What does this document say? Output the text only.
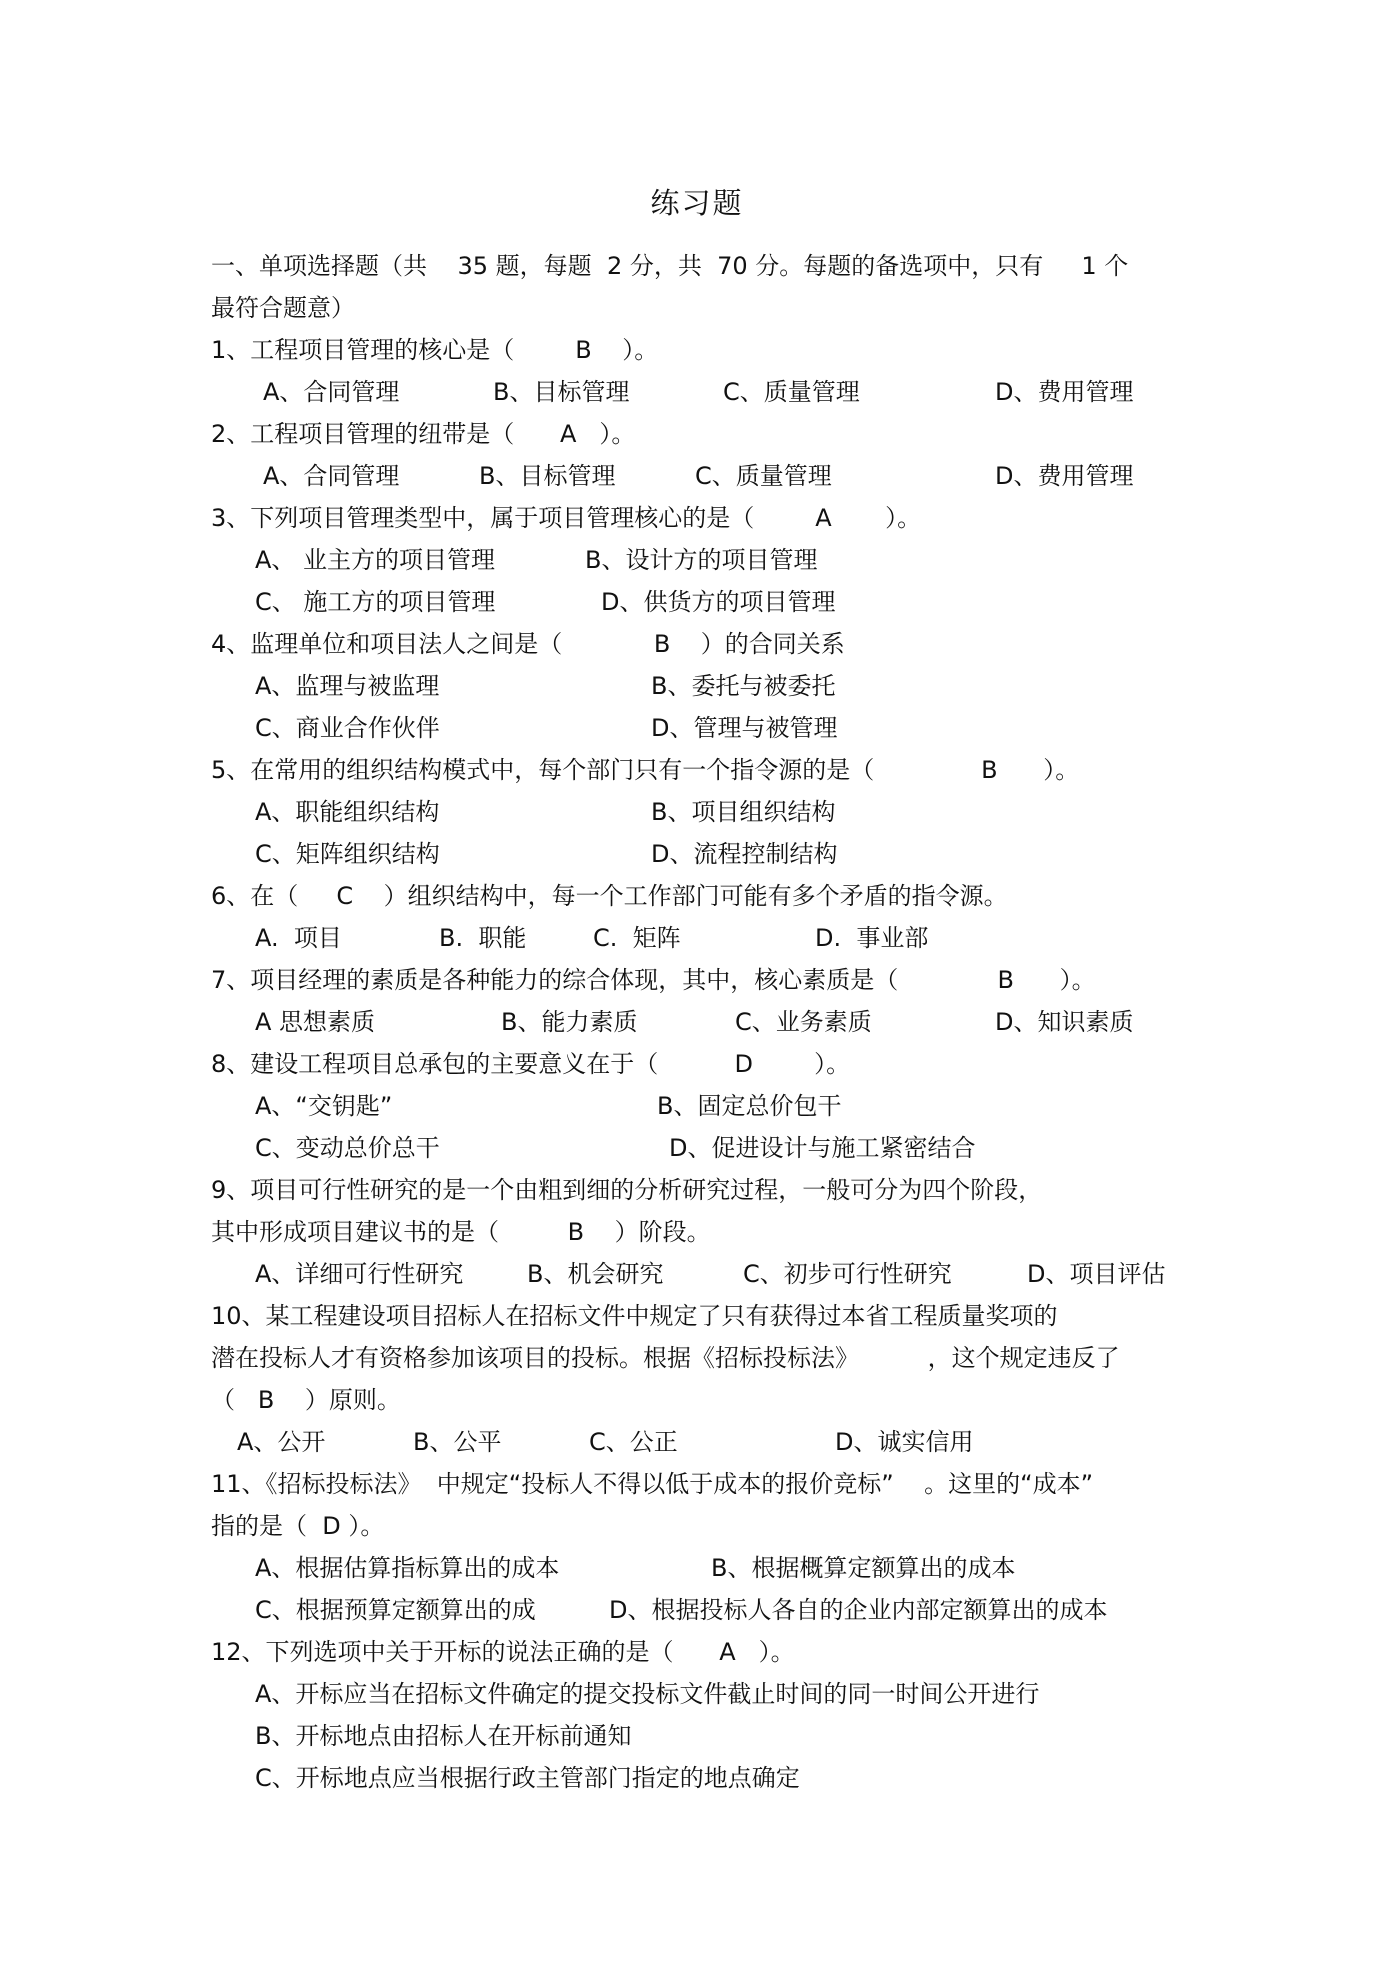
练习题
一、单项选择题（共    35 题，每题  2 分，共  70 分。每题的备选项中，只有     1 个
最符合题意）
1、工程项目管理的核心是（        B    ）。
A、合同管理	B、目标管理	C、质量管理	D、费用管理
2、工程项目管理的纽带是（      A   ）。
A、合同管理	B、目标管理	C、质量管理	D、费用管理
3、下列项目管理类型中，属于项目管理核心的是（        A       ）。
A、 业主方的项目管理	B、设计方的项目管理
C、 施工方的项目管理	D、供货方的项目管理
4、监理单位和项目法人之间是（            B    ）的合同关系
A、监理与被监理	B、委托与被委托
C、商业合作伙伴	D、管理与被管理
5、在常用的组织结构模式中，每个部门只有一个指令源的是（              B      ）。
A、职能组织结构	B、项目组织结构
C、矩阵组织结构	D、流程控制结构
6、在（     C    ）组织结构中，每一个工作部门可能有多个矛盾的指令源。
A.  项目	B.  职能	C.  矩阵	D.  事业部
7、项目经理的素质是各种能力的综合体现，其中，核心素质是（             B      ）。
A 思想素质	B、能力素质	C、业务素质	D、知识素质
8、建设工程项目总承包的主要意义在于（          D        ）。
A、“交钥匙”	B、固定总价包干
C、变动总价总干	D、促进设计与施工紧密结合
9、项目可行性研究的是一个由粗到细的分析研究过程，一般可分为四个阶段，
其中形成项目建议书的是（         B    ）阶段。
A、详细可行性研究	B、机会研究	C、初步可行性研究	D、项目评估
10、某工程建设项目招标人在招标文件中规定了只有获得过本省工程质量奖项的
潜在投标人才有资格参加该项目的投标。根据《招标投标法》         ，这个规定违反了
（   B    ）原则。
A、公开	B、公平	C、公正	D、诚实信用
11、《招标投标法》  中规定“投标人不得以低于成本的报价竞标”    。这里的“成本”
指的是（  D ）。
A、根据估算指标算出的成本	B、根据概算定额算出的成本
C、根据预算定额算出的成	D、根据投标人各自的企业内部定额算出的成本
12、下列选项中关于开标的说法正确的是（      A   ）。
A、开标应当在招标文件确定的提交投标文件截止时间的同一时间公开进行
B、开标地点由招标人在开标前通知
C、开标地点应当根据行政主管部门指定的地点确定
